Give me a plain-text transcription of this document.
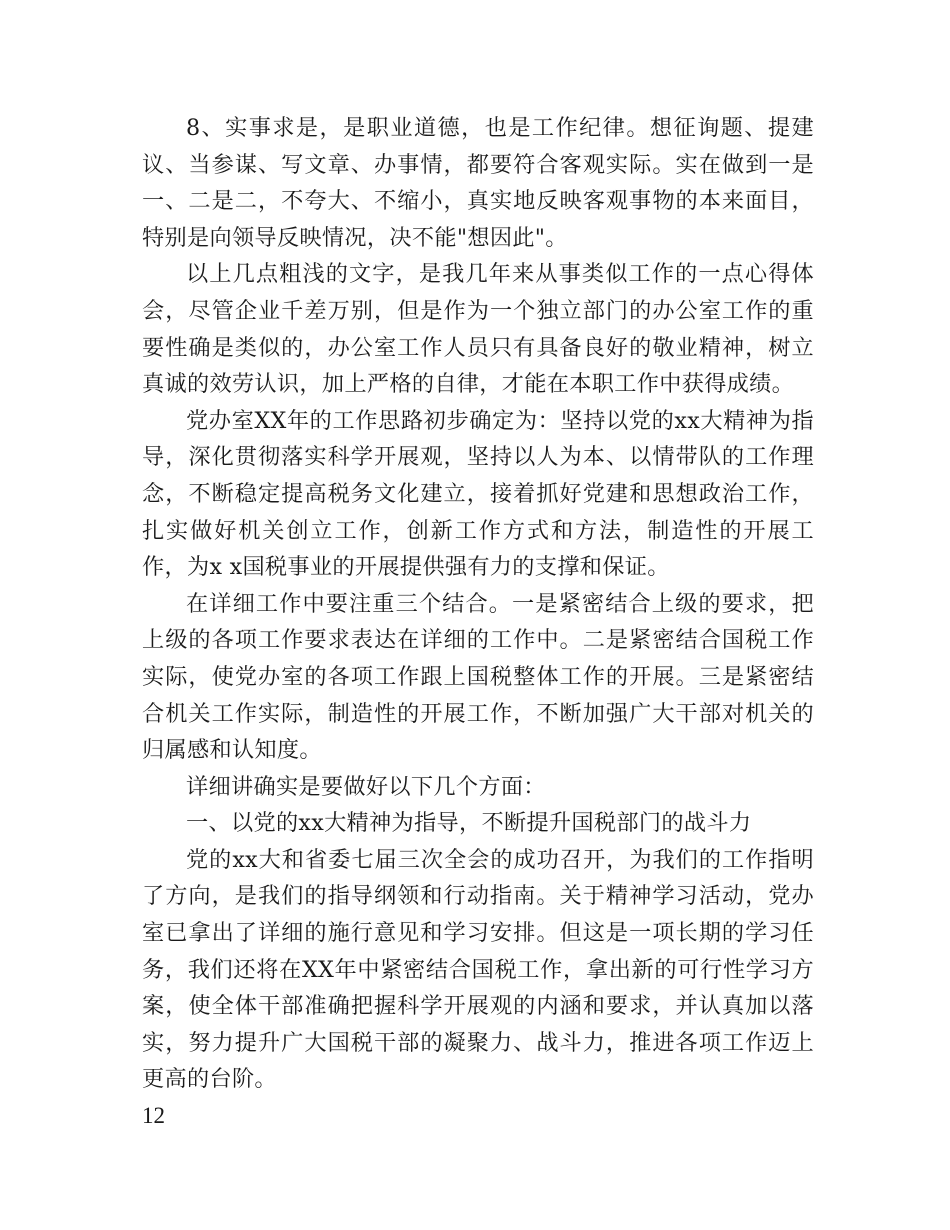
8、实事求是，是职业道德，也是工作纪律。想征询题、提建议、当参谋、写文章、办事情，都要符合客观实际。实在做到一是一、二是二，不夸大、不缩小，真实地反映客观事物的本来面目，特别是向领导反映情况，决不能"想因此"。

以上几点粗浅的文字，是我几年来从事类似工作的一点心得体会，尽管企业千差万别，但是作为一个独立部门的办公室工作的重要性确是类似的，办公室工作人员只有具备良好的敬业精神，树立真诚的效劳认识，加上严格的自律，才能在本职工作中获得成绩。

党办室XX年的工作思路初步确定为：坚持以党的xx大精神为指导，深化贯彻落实科学开展观，坚持以人为本、以情带队的工作理念，不断稳定提高税务文化建立，接着抓好党建和思想政治工作，扎实做好机关创立工作，创新工作方式和方法，制造性的开展工作，为x x国税事业的开展提供强有力的支撑和保证。

在详细工作中要注重三个结合。一是紧密结合上级的要求，把上级的各项工作要求表达在详细的工作中。二是紧密结合国税工作实际，使党办室的各项工作跟上国税整体工作的开展。三是紧密结合机关工作实际，制造性的开展工作，不断加强广大干部对机关的归属感和认知度。

详细讲确实是要做好以下几个方面：

一、以党的xx大精神为指导，不断提升国税部门的战斗力

党的xx大和省委七届三次全会的成功召开，为我们的工作指明了方向，是我们的指导纲领和行动指南。关于精神学习活动，党办室已拿出了详细的施行意见和学习安排。但这是一项长期的学习任务，我们还将在XX年中紧密结合国税工作，拿出新的可行性学习方案，使全体干部准确把握科学开展观的内涵和要求，并认真加以落实，努力提升广大国税干部的凝聚力、战斗力，推进各项工作迈上更高的台阶。

12
